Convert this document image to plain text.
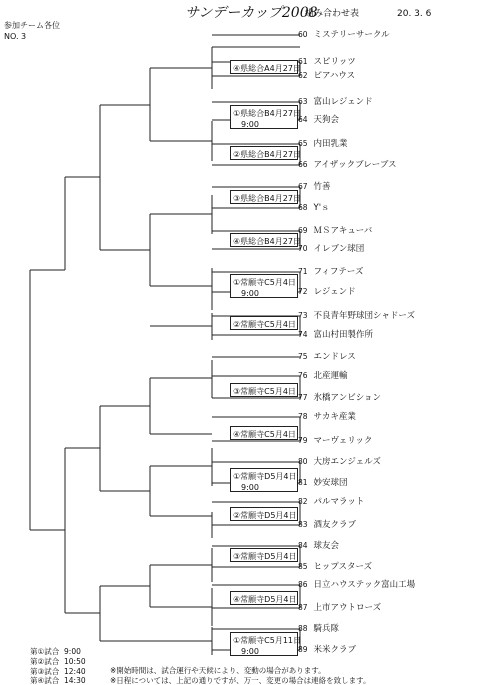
サンデーカップ2008
組み合わせ表	20. 3. 6
参加チーム各位
NO. 3	60 ミステリーサークル
61 スピリッツ
62 ピアハウス
63 富山レジェンド
64 天狗会
65 内田乳業
66 アイザックブレーブス
67 竹善
68 Y'ｓ
69 ＭＳアキューバ
70 イレブン球団
71 フィフテーズ
72 レジェンド
73 不良青年野球団シャドーズ
74 富山村田製作所
75 エンドレス
76 北産運輸
77 氷橋アンビション
78 サカキ産業
79 マーヴェリック
80 大房エンジェルズ
81 妙安球団
82 パルマラット
83 酒友クラブ
84 球友会
85 ヒップスターズ
86 日立ハウステック富山工場
87 上市アウトローズ
88 騎兵隊
89 米米クラブ
④県総合A4月27日
①県総合B4月27日
9:00
②県総合B4月27日
③県総合B4月27日
④県総合B4月27日
①常願寺C5月4日
9:00
②常願寺C5月4日
③常願寺C5月4日
④常願寺C5月4日
①常願寺D5月4日
9:00
②常願寺D5月4日
③常願寺D5月4日
④常願寺D5月4日
①常願寺C5月11日
9:00
第①試合 9:00
第②試合 10:50
第③試合 12:40
第④試合 14:30
※開始時間は、試合運行や天候により、変動の場合があります。
※日程については、上記の通りですが、万一、変更の場合は連絡を致します。
